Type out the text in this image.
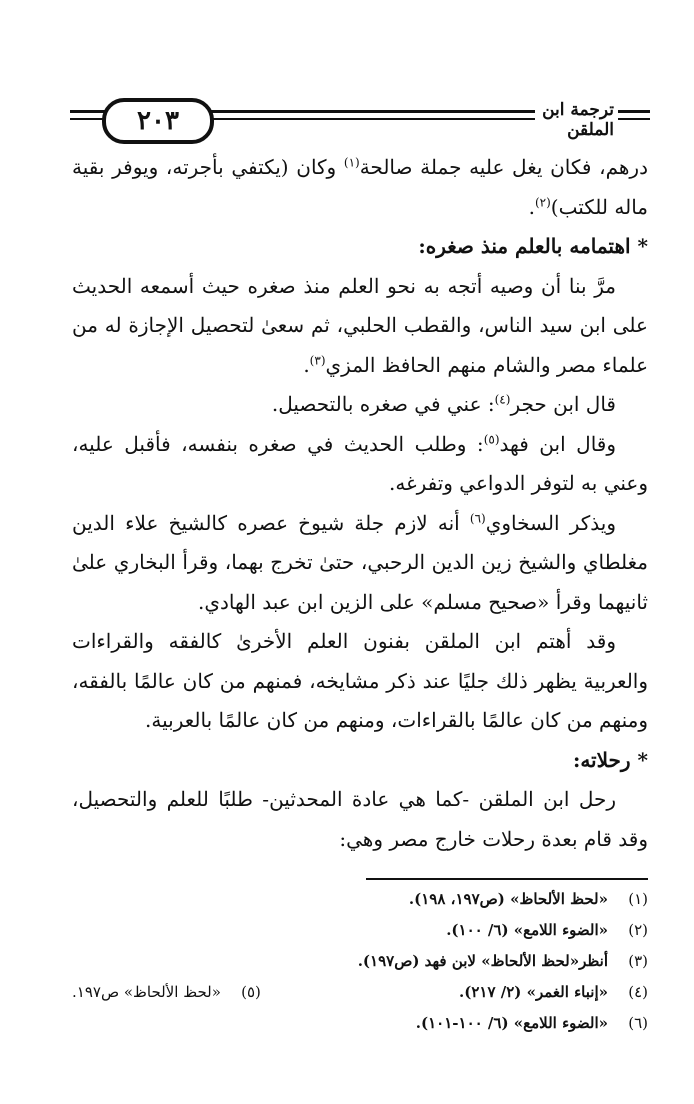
٢٠٣	ترجمة ابن الملقن

درهم، فكان يغل عليه جملة صالحة$^{(١)}$ وكان (يكتفي بأجرته، ويوفر بقية ماله للكتب)$^{(٢)}$.

* اهتمامه بالعلم منذ صغره:

مرَّ بنا أن وصيه أتجه به نحو العلم منذ صغره حيث أسمعه الحديث على ابن سيد الناس، والقطب الحلبي، ثم سعىٰ لتحصيل الإجازة له من علماء مصر والشام منهم الحافظ المزي$^{(٣)}$.

قال ابن حجر$^{(٤)}$: عني في صغره بالتحصيل.

وقال ابن فهد$^{(٥)}$: وطلب الحديث في صغره بنفسه، فأقبل عليه، وعني به لتوفر الدواعي وتفرغه.

ويذكر السخاوي$^{(٦)}$ أنه لازم جلة شيوخ عصره كالشيخ علاء الدين مغلطاي والشيخ زين الدين الرحبي، حتىٰ تخرج بهما، وقرأ البخاري علىٰ ثانيهما وقرأ «صحيح مسلم» على الزين ابن عبد الهادي.

وقد أهتم ابن الملقن بفنون العلم الأخرىٰ كالفقه والقراءات والعربية يظهر ذلك جليًا عند ذكر مشايخه، فمنهم من كان عالمًا بالفقه، ومنهم من كان عالمًا بالقراءات، ومنهم من كان عالمًا بالعربية.

* رحلاته:

رحل ابن الملقن -كما هي عادة المحدثين- طلبًا للعلم والتحصيل، وقد قام بعدة رحلات خارج مصر وهي:

(١)
«لحظ الألحاظ» (ص١٩٧، ١٩٨).
(٢)
«الضوء اللامع» (٦/ ١٠٠).
(٣)
أنظر«لحظ الألحاظ» لابن فهد (ص١٩٧).
(٤)
«إنباء الغمر» (٢/ ٢١٧).
(٥)
«لحظ الألحاظ» ص١٩٧.
(٦)
«الضوء اللامع» (٦/ ١٠٠-١٠١).
